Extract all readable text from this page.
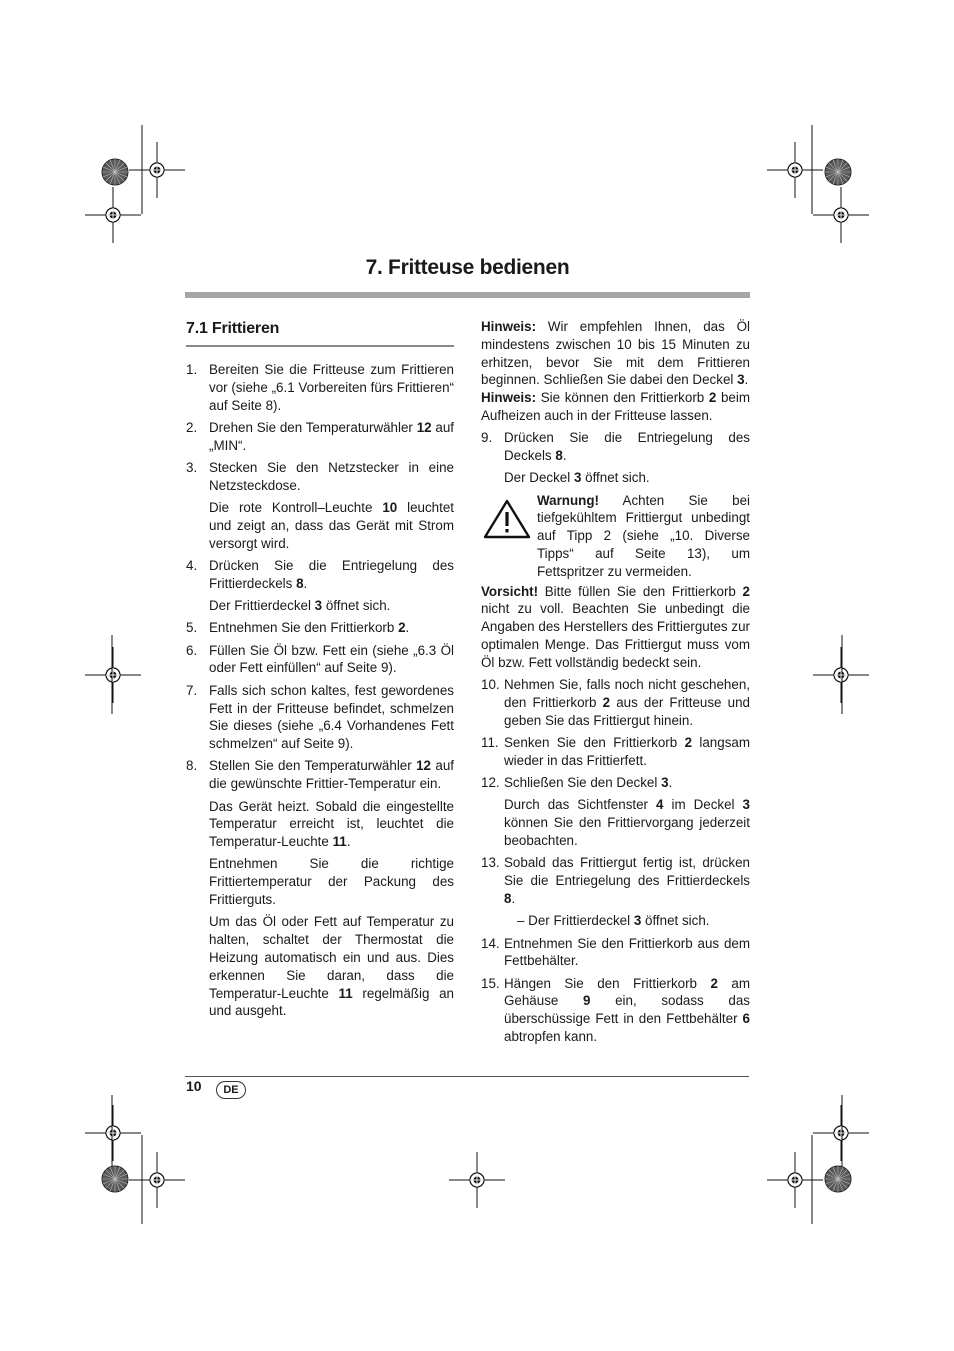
7. Fritteuse bedienen
7.1 Frittieren
1. Bereiten Sie die Fritteuse zum Frittieren vor (siehe „6.1 Vorbereiten fürs Frittieren“ auf Seite 8).
2. Drehen Sie den Temperaturwähler 12 auf „MIN“.
3. Stecken Sie den Netzstecker in eine Netzsteckdose.
Die rote Kontroll–Leuchte 10 leuchtet und zeigt an, dass das Gerät mit Strom versorgt wird.
4. Drücken Sie die Entriegelung des Frittierdeckels 8.
Der Frittierdeckel 3 öffnet sich.
5. Entnehmen Sie den Frittierkorb 2.
6. Füllen Sie Öl bzw. Fett ein (siehe „6.3 Öl oder Fett einfüllen“ auf Seite 9).
7. Falls sich schon kaltes, fest gewordenes Fett in der Fritteuse befindet, schmelzen Sie dieses (siehe „6.4 Vorhandenes Fett schmelzen“ auf Seite 9).
8. Stellen Sie den Temperaturwähler 12 auf die gewünschte Frittier-Temperatur ein.
Das Gerät heizt. Sobald die eingestellte Temperatur erreicht ist, leuchtet die Temperatur-Leuchte 11.
Entnehmen Sie die richtige Frittiertemperatur der Packung des Frittierguts.
Um das Öl oder Fett auf Temperatur zu halten, schaltet der Thermostat die Heizung automatisch ein und aus. Dies erkennen Sie daran, dass die Temperatur-Leuchte 11 regelmäßig an und ausgeht.
Hinweis: Wir empfehlen Ihnen, das Öl mindestens zwischen 10 bis 15 Minuten zu erhitzen, bevor Sie mit dem Frittieren beginnen. Schließen Sie dabei den Deckel 3.
Hinweis: Sie können den Frittierkorb 2 beim Aufheizen auch in der Fritteuse lassen.
9. Drücken Sie die Entriegelung des Deckels 8.
Der Deckel 3 öffnet sich.
Warnung! Achten Sie bei tiefgekühltem Frittiergut unbedingt auf Tipp 2 (siehe „10. Diverse Tipps“ auf Seite 13), um Fettspritzer zu vermeiden.
Vorsicht! Bitte füllen Sie den Frittierkorb 2 nicht zu voll. Beachten Sie unbedingt die Angaben des Herstellers des Frittiergutes zur optimalen Menge. Das Frittiergut muss vom Öl bzw. Fett vollständig bedeckt sein.
10. Nehmen Sie, falls noch nicht geschehen, den Frittierkorb 2 aus der Fritteuse und geben Sie das Frittiergut hinein.
11. Senken Sie den Frittierkorb 2 langsam wieder in das Frittierfett.
12. Schließen Sie den Deckel 3.
Durch das Sichtfenster 4 im Deckel 3 können Sie den Frittiervorgang jederzeit beobachten.
13. Sobald das Frittiergut fertig ist, drücken Sie die Entriegelung des Frittierdeckels 8.
– Der Frittierdeckel 3 öffnet sich.
14. Entnehmen Sie den Frittierkorb aus dem Fettbehälter.
15. Hängen Sie den Frittierkorb 2 am Gehäuse 9 ein, sodass das überschüssige Fett in den Fettbehälter 6 abtropfen kann.
10	DE
